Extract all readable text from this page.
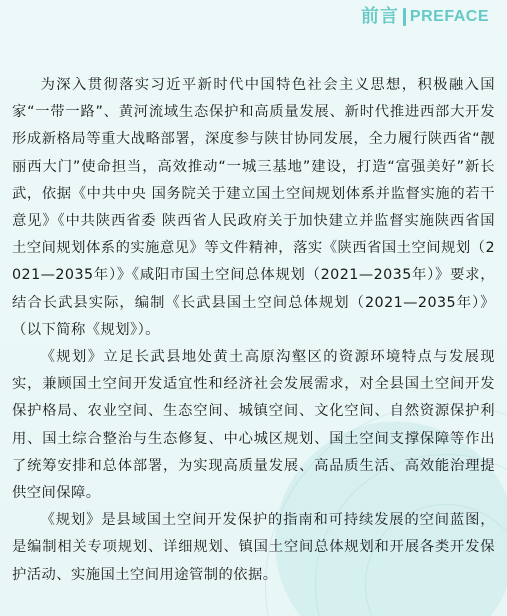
前言 PREFACE

为深入贯彻落实习近平新时代中国特色社会主义思想，积极融入国家“一带一路”、黄河流域生态保护和高质量发展、新时代推进西部大开发形成新格局等重大战略部署，深度参与陕甘协同发展，全力履行陕西省“靓丽西大门”使命担当，高效推动“一城三基地”建设，打造“富强美好”新长武，依据《中共中央 国务院关于建立国土空间规划体系并监督实施的若干意见》《中共陕西省委 陕西省人民政府关于加快建立并监督实施陕西省国土空间规划体系的实施意见》等文件精神，落实《陕西省国土空间规划（2021—2035年）》《咸阳市国土空间总体规划（2021—2035年）》要求，结合长武县实际，编制《长武县国土空间总体规划（2021—2035年）》（以下简称《规划》）。

《规划》立足长武县地处黄土高原沟壑区的资源环境特点与发展现实，兼顾国土空间开发适宜性和经济社会发展需求，对全县国土空间开发保护格局、农业空间、生态空间、城镇空间、文化空间、自然资源保护利用、国土综合整治与生态修复、中心城区规划、国土空间支撑保障等作出了统筹安排和总体部署，为实现高质量发展、高品质生活、高效能治理提供空间保障。

《规划》是县域国土空间开发保护的指南和可持续发展的空间蓝图，是编制相关专项规划、详细规划、镇国土空间总体规划和开展各类开发保护活动、实施国土空间用途管制的依据。
